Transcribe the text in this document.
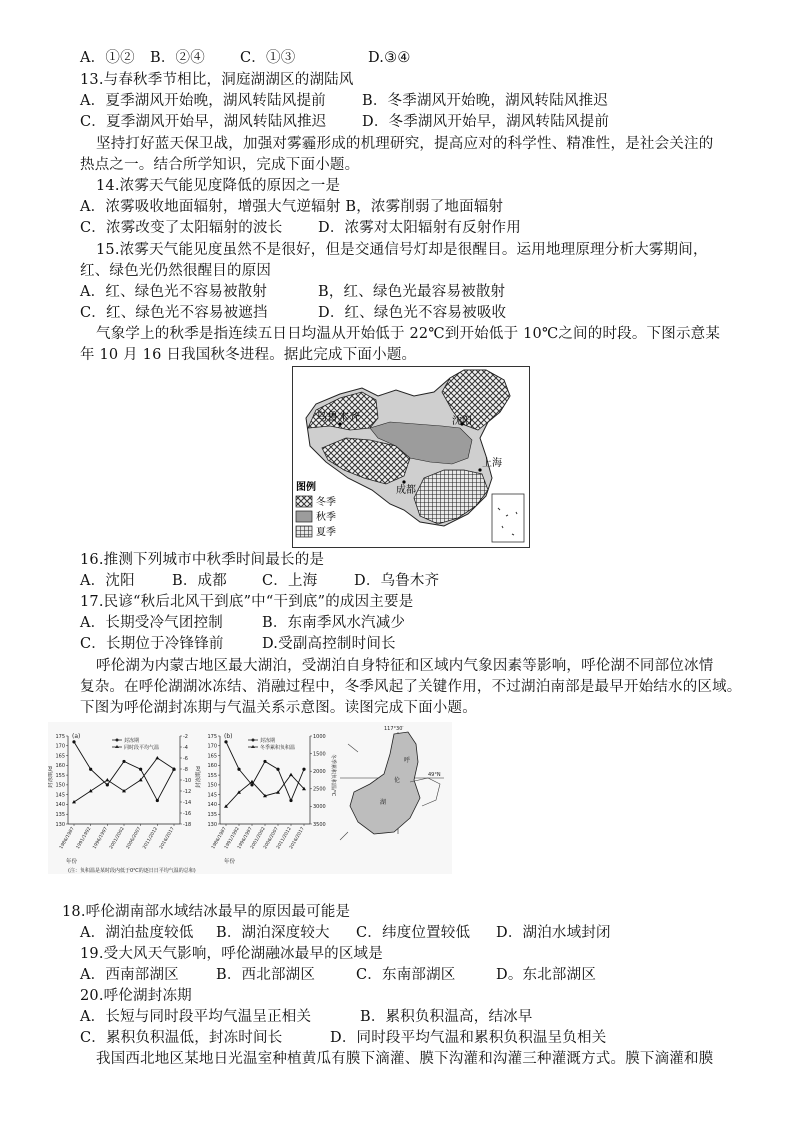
A．①② B．②④ C．①③	D.③④
13.与春秋季节相比，洞庭湖湖区的湖陆风
A．夏季湖风开始晚，湖风转陆风提前 B．冬季湖风开始晚，湖风转陆风推迟
C．夏季湖风开始早，湖风转陆风推迟 D．冬季湖风开始早，湖风转陆风提前
坚持打好蓝天保卫战，加强对雾霾形成的机理研究，提高应对的科学性、精准性，是社会关注的
热点之一。结合所学知识，完成下面小题。
14.浓雾天气能见度降低的原因之一是
A．浓雾吸收地面辐射，增强大气逆辐射 B，浓雾削弱了地面辐射
C．浓雾改变了太阳辐射的波长 D．浓雾对太阳辐射有反射作用
15.浓雾天气能见度虽然不是很好，但是交通信号灯却是很醒目。运用地理原理分析大雾期间，
红、绿色光仍然很醒目的原因
A．红、绿色光不容易被散射	B，红、绿色光最容易被散射
C．红、绿色光不容易被遮挡	D．红、绿色光不容易被吸收
气象学上的秋季是指连续五日日均温从开始低于 22℃到开始低于 10℃之间的时段。下图示意某
年 10 月 16 日我国秋冬进程。据此完成下面小题。
乌鲁木齐	沈阳
上海
成都
图例
冬季
秋季
夏季
16.推测下列城市中秋季时间最长的是
A．沈阳	B．成都 C．上海	D．乌鲁木齐
17.民谚“秋后北风干到底”中“干到底”的成因主要是
A．长期受冷气团控制	B．东南季风水汽减少
C．长期位于冷锋锋前	D.受副高控制时间长
呼伦湖为内蒙古地区最大湖泊，受湖泊自身特征和区域内气象因素等影响，呼伦湖不同部位冰情
复杂。在呼伦湖湖冰冻结、消融过程中，冬季风起了关键作用，不过湖泊南部是最早开始结水的区域。
下图为呼伦湖封冻期与气温关系示意图。读图完成下面小题。
(a)
175
170
165
160
155
150
145
140
135
130
-2
-4
-6
-8
-10
-12
-14
-16
-18
1986/1987 1991/1992 1996/1997 2001/2002 2006/2007 2011/2012 2016/2017
封冻期/d
年份
封冻期
同时段平均气温
(b)
175
170
165
160
155
150
145
140
135
130
1000
1500
2000
2500
3000
3500
1986/1987
1991/1992
1996/1997
2001/2002
2006/2007
2011/2012
2016/2017
封冻期/d	冬季累积负积温/℃
年份
封冻期
冬季累积负积温
(注：负积温是某时段内低于0℃的逐日日平均气温的总和)
117°30′
49°N
呼
伦
湖
18.呼伦湖南部水域结冰最早的原因最可能是
A．湖泊盐度较低 B．湖泊深度较大 C．纬度位置较低 D．湖泊水域封闭
19.受大风天气影响，呼伦湖融冰最早的区域是
A．西南部湖区	B．西北部湖区	C．东南部湖区	D。东北部湖区
20.呼伦湖封冻期
A．长短与同时段平均气温呈正相关	B．累积负积温高，结冰早
C．累积负积温低，封冻时间长	D．同时段平均气温和累积负积温呈负相关
我国西北地区某地日光温室种植黄瓜有膜下滴灌、膜下沟灌和沟灌三种灌溉方式。膜下滴灌和膜
